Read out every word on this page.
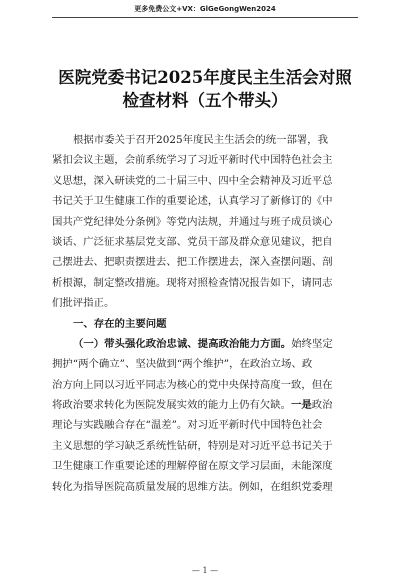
更多免费公文+VX：GlGeGongWen2024
医院党委书记2025年度民主生活会对照
检查材料（五个带头）
根据市委关于召开2025年度民主生活会的统一部署，我
紧扣会议主题，会前系统学习了习近平新时代中国特色社会主
义思想，深入研读党的二十届三中、四中全会精神及习近平总
书记关于卫生健康工作的重要论述，认真学习了新修订的《中
国共产党纪律处分条例》等党内法规，并通过与班子成员谈心
谈话、广泛征求基层党支部、党员干部及群众意见建议，把自
己摆进去、把职责摆进去、把工作摆进去，深入查摆问题、剖
析根源，制定整改措施。现将对照检查情况报告如下，请同志
们批评指正。
一、存在的主要问题
（一）带头强化政治忠诚、提高政治能力方面。始终坚定
拥护“两个确立”、坚决做到“两个维护”，在政治立场、政
治方向上同以习近平同志为核心的党中央保持高度一致，但在
将政治要求转化为医院发展实效的能力上仍有欠缺。一是政治
理论与实践融合存在“温差”。对习近平新时代中国特色社会
主义思想的学习缺乏系统性钻研，特别是对习近平总书记关于
卫生健康工作重要论述的理解停留在原文学习层面，未能深度
转化为指导医院高质量发展的思维方法。例如，在组织党委理
— 1 —
